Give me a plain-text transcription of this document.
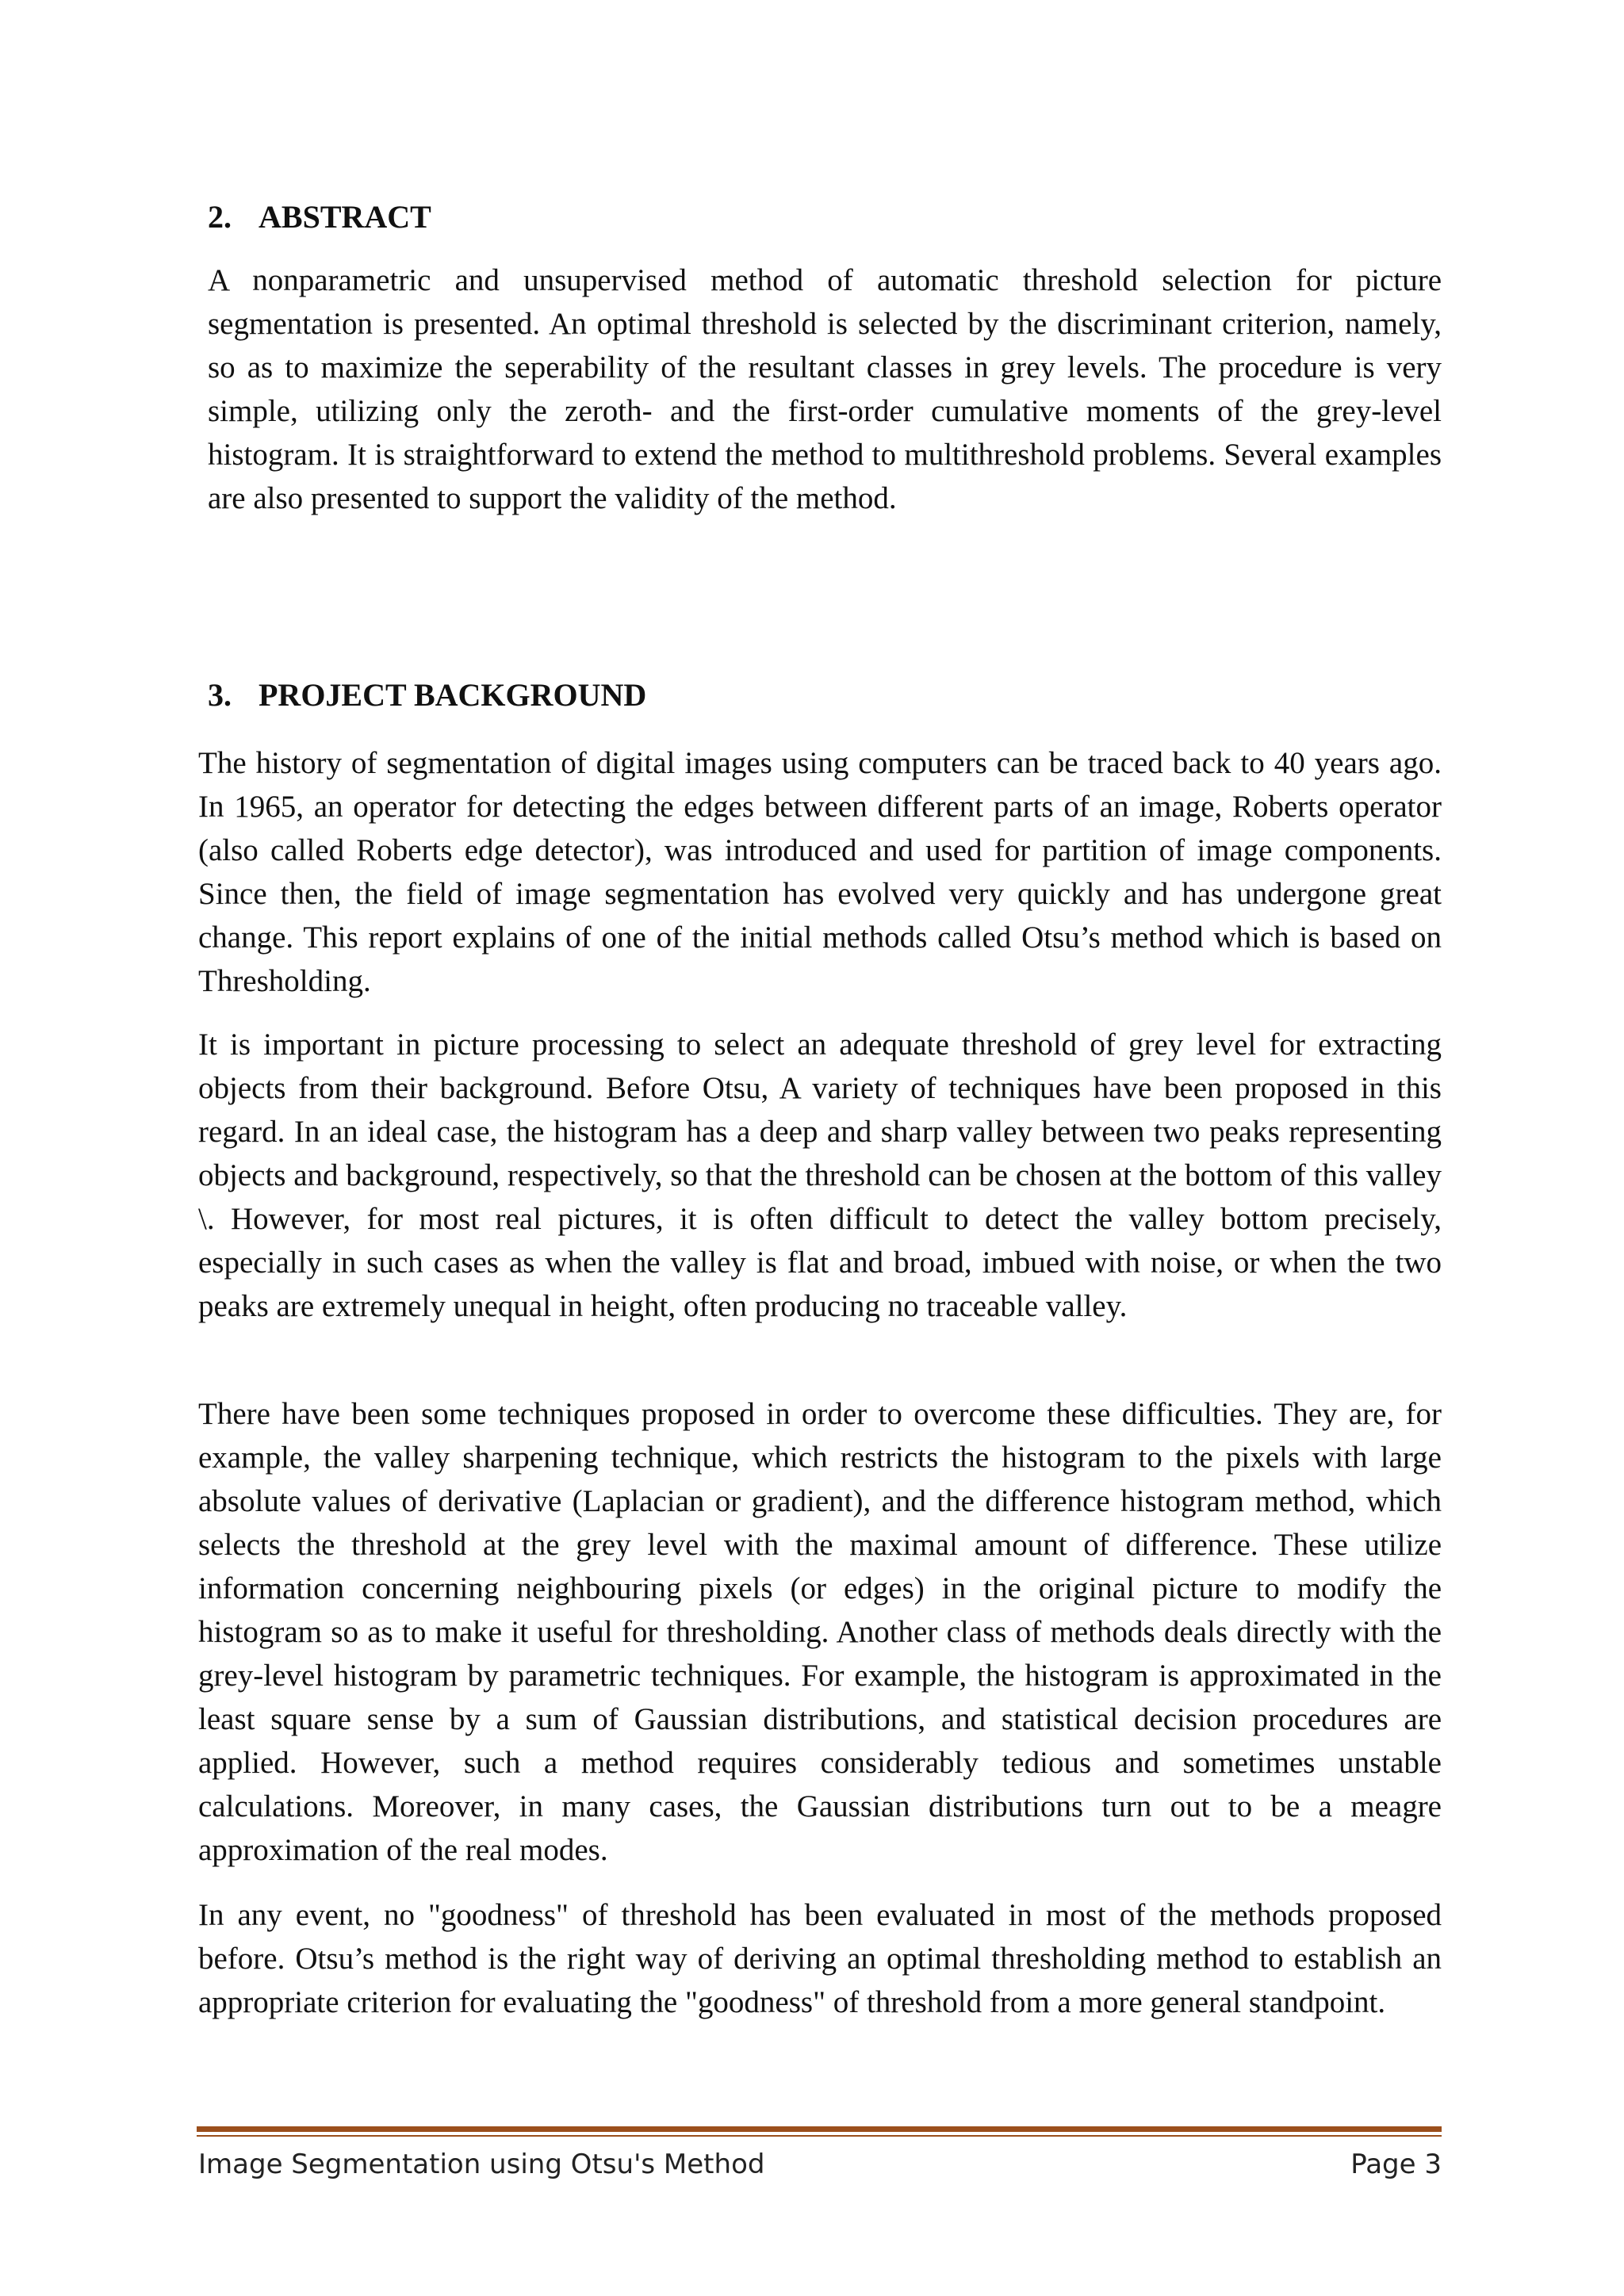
2. ABSTRACT

A nonparametric and unsupervised method of automatic threshold selection for picture segmentation is presented. An optimal threshold is selected by the discriminant criterion, namely, so as to maximize the seperability of the resultant classes in grey levels. The procedure is very simple, utilizing only the zeroth- and the first-order cumulative moments of the grey-level histogram. It is straightforward to extend the method to multithreshold problems. Several examples are also presented to support the validity of the method.

3. PROJECT BACKGROUND

The history of segmentation of digital images using computers can be traced back to 40 years ago. In 1965, an operator for detecting the edges between different parts of an image, Roberts operator (also called Roberts edge detector), was introduced and used for partition of image components. Since then, the field of image segmentation has evolved very quickly and has undergone great change. This report explains of one of the initial methods called Otsu’s method which is based on Thresholding.

It is important in picture processing to select an adequate threshold of grey level for extracting objects from their background. Before Otsu, A variety of techniques have been proposed in this regard. In an ideal case, the histogram has a deep and sharp valley between two peaks representing objects and background, respectively, so that the threshold can be chosen at the bottom of this valley \. However, for most real pictures, it is often difficult to detect the valley bottom precisely, especially in such cases as when the valley is flat and broad, imbued with noise, or when the two peaks are extremely unequal in height, often producing no traceable valley.

There have been some techniques proposed in order to overcome these difficulties. They are, for example, the valley sharpening technique, which restricts the histogram to the pixels with large absolute values of derivative (Laplacian or gradient), and the difference histogram method, which selects the threshold at the grey level with the maximal amount of difference. These utilize information concerning neighbouring pixels (or edges) in the original picture to modify the histogram so as to make it useful for thresholding. Another class of methods deals directly with the grey-level histogram by parametric techniques. For example, the histogram is approximated in the least square sense by a sum of Gaussian distributions, and statistical decision procedures are applied. However, such a method requires considerably tedious and sometimes unstable calculations. Moreover, in many cases, the Gaussian distributions turn out to be a meagre approximation of the real modes.

In any event, no "goodness" of threshold has been evaluated in most of the methods proposed before. Otsu’s method is the right way of deriving an optimal thresholding method to establish an appropriate criterion for evaluating the "goodness" of threshold from a more general standpoint.

Image Segmentation using Otsu's Method	Page 3
